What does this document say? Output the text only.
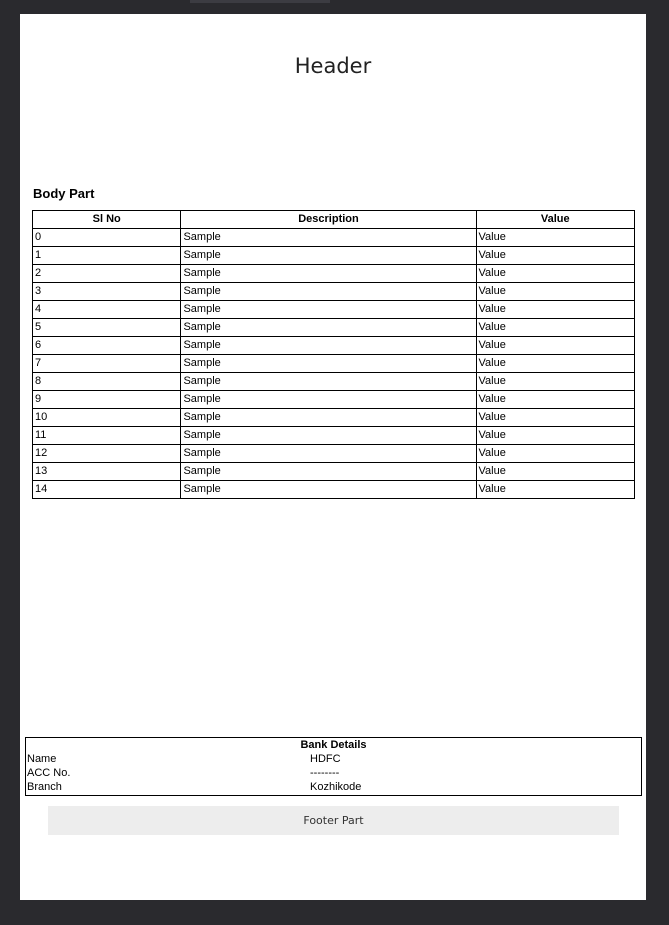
Header
Body Part
Sl No	Description	Value
0	Sample	Value
1	Sample	Value
2	Sample	Value
3	Sample	Value
4	Sample	Value
5	Sample	Value
6	Sample	Value
7	Sample	Value
8	Sample	Value
9	Sample	Value
10	Sample	Value
11	Sample	Value
12	Sample	Value
13	Sample	Value
14	Sample	Value
Bank Details
Name	HDFC
ACC No.	--------
Branch	Kozhikode
Footer Part
